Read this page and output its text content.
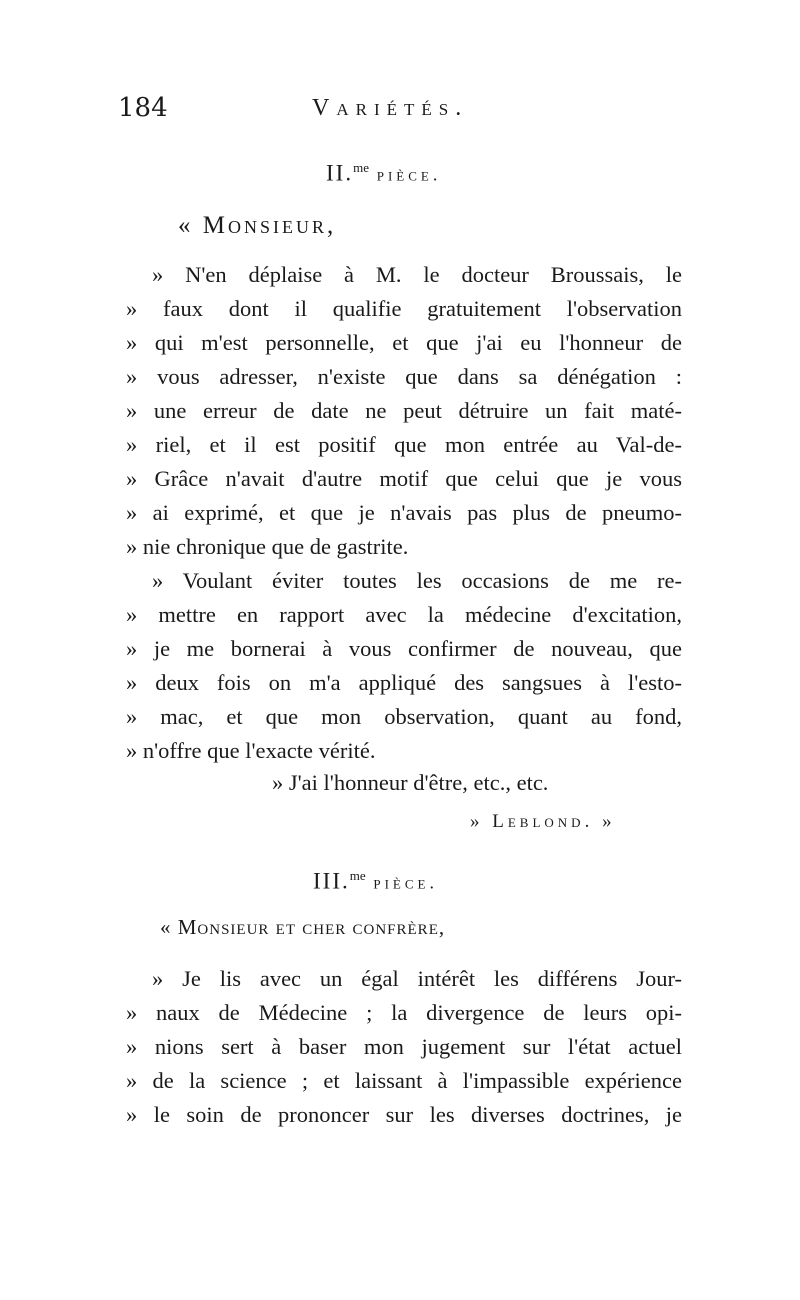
184	Variétés.
II.$^{me}$ pièce.
« Monsieur,
» N'en déplaise à M. le docteur Broussais, le
» faux dont il qualifie gratuitement l'observation
» qui m'est personnelle, et que j'ai eu l'honneur de
» vous adresser, n'existe que dans sa dénégation :
» une erreur de date ne peut détruire un fait maté-
» riel, et il est positif que mon entrée au Val-de-
» Grâce n'avait d'autre motif que celui que je vous
» ai exprimé, et que je n'avais pas plus de pneumo-
» nie chronique que de gastrite.
» Voulant éviter toutes les occasions de me re-
» mettre en rapport avec la médecine d'excitation,
» je me bornerai à vous confirmer de nouveau, que
» deux fois on m'a appliqué des sangsues à l'esto-
» mac, et que mon observation, quant au fond,
» n'offre que l'exacte vérité.
» J'ai l'honneur d'être, etc., etc.
» Leblond. »
III.$^{me}$ pièce.
« Monsieur et cher confrère,
» Je lis avec un égal intérêt les différens Jour-
» naux de Médecine ; la divergence de leurs opi-
» nions sert à baser mon jugement sur l'état actuel
» de la science ; et laissant à l'impassible expérience
» le soin de prononcer sur les diverses doctrines, je
